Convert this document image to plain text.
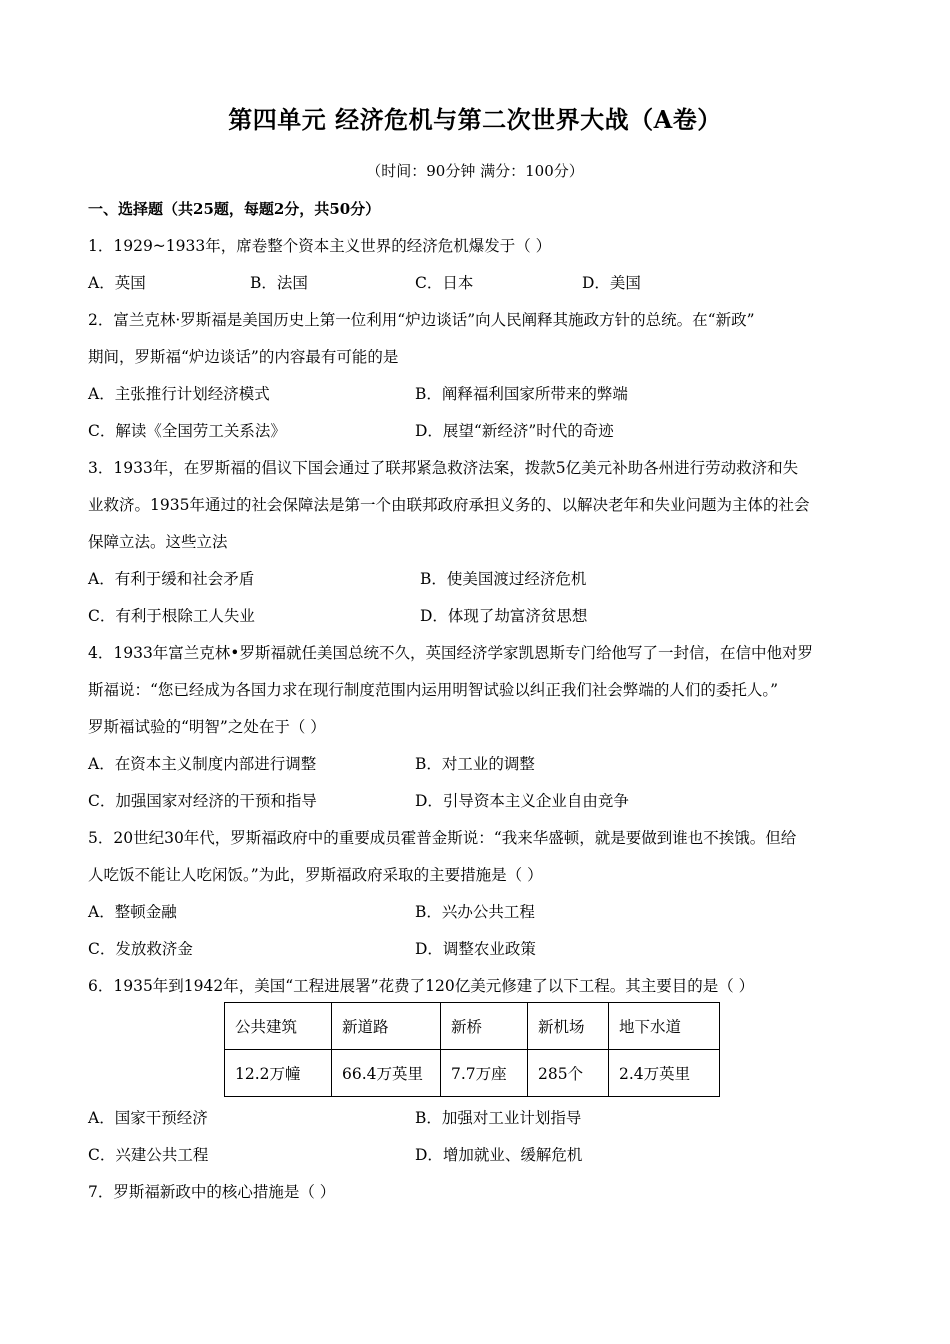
第四单元 经济危机与第二次世界大战（A卷）
（时间：90分钟 满分：100分）
一、选择题（共25题，每题2分，共50分）
1．1929~1933年，席卷整个资本主义世界的经济危机爆发于（ ）
A．英国	B．法国	C．日本	D．美国
2．富兰克林·罗斯福是美国历史上第一位利用“炉边谈话”向人民阐释其施政方针的总统。在“新政”
期间，罗斯福“炉边谈话”的内容最有可能的是
A．主张推行计划经济模式	B．阐释福利国家所带来的弊端
C．解读《全国劳工关系法》	D．展望“新经济”时代的奇迹
3．1933年，在罗斯福的倡议下国会通过了联邦紧急救济法案，拨款5亿美元补助各州进行劳动救济和失
业救济。1935年通过的社会保障法是第一个由联邦政府承担义务的、以解决老年和失业问题为主体的社会
保障立法。这些立法
A．有利于缓和社会矛盾	B．使美国渡过经济危机
C．有利于根除工人失业	D．体现了劫富济贫思想
4．1933年富兰克林•罗斯福就任美国总统不久，英国经济学家凯恩斯专门给他写了一封信，在信中他对罗
斯福说：“您已经成为各国力求在现行制度范围内运用明智试验以纠正我们社会弊端的人们的委托人。”
罗斯福试验的“明智”之处在于（ ）
A．在资本主义制度内部进行调整	B．对工业的调整
C．加强国家对经济的干预和指导	D．引导资本主义企业自由竞争
5．20世纪30年代，罗斯福政府中的重要成员霍普金斯说：“我来华盛顿，就是要做到谁也不挨饿。但给
人吃饭不能让人吃闲饭。”为此，罗斯福政府采取的主要措施是（ ）
A．整顿金融	B．兴办公共工程
C．发放救济金	D．调整农业政策
6．1935年到1942年，美国“工程进展署”花费了120亿美元修建了以下工程。其主要目的是（ ）
公共建筑	新道路	新桥	新机场	地下水道
12.2万幢	66.4万英里	7.7万座	285个	2.4万英里
A．国家干预经济	B．加强对工业计划指导
C．兴建公共工程	D．增加就业、缓解危机
7．罗斯福新政中的核心措施是（ ）
